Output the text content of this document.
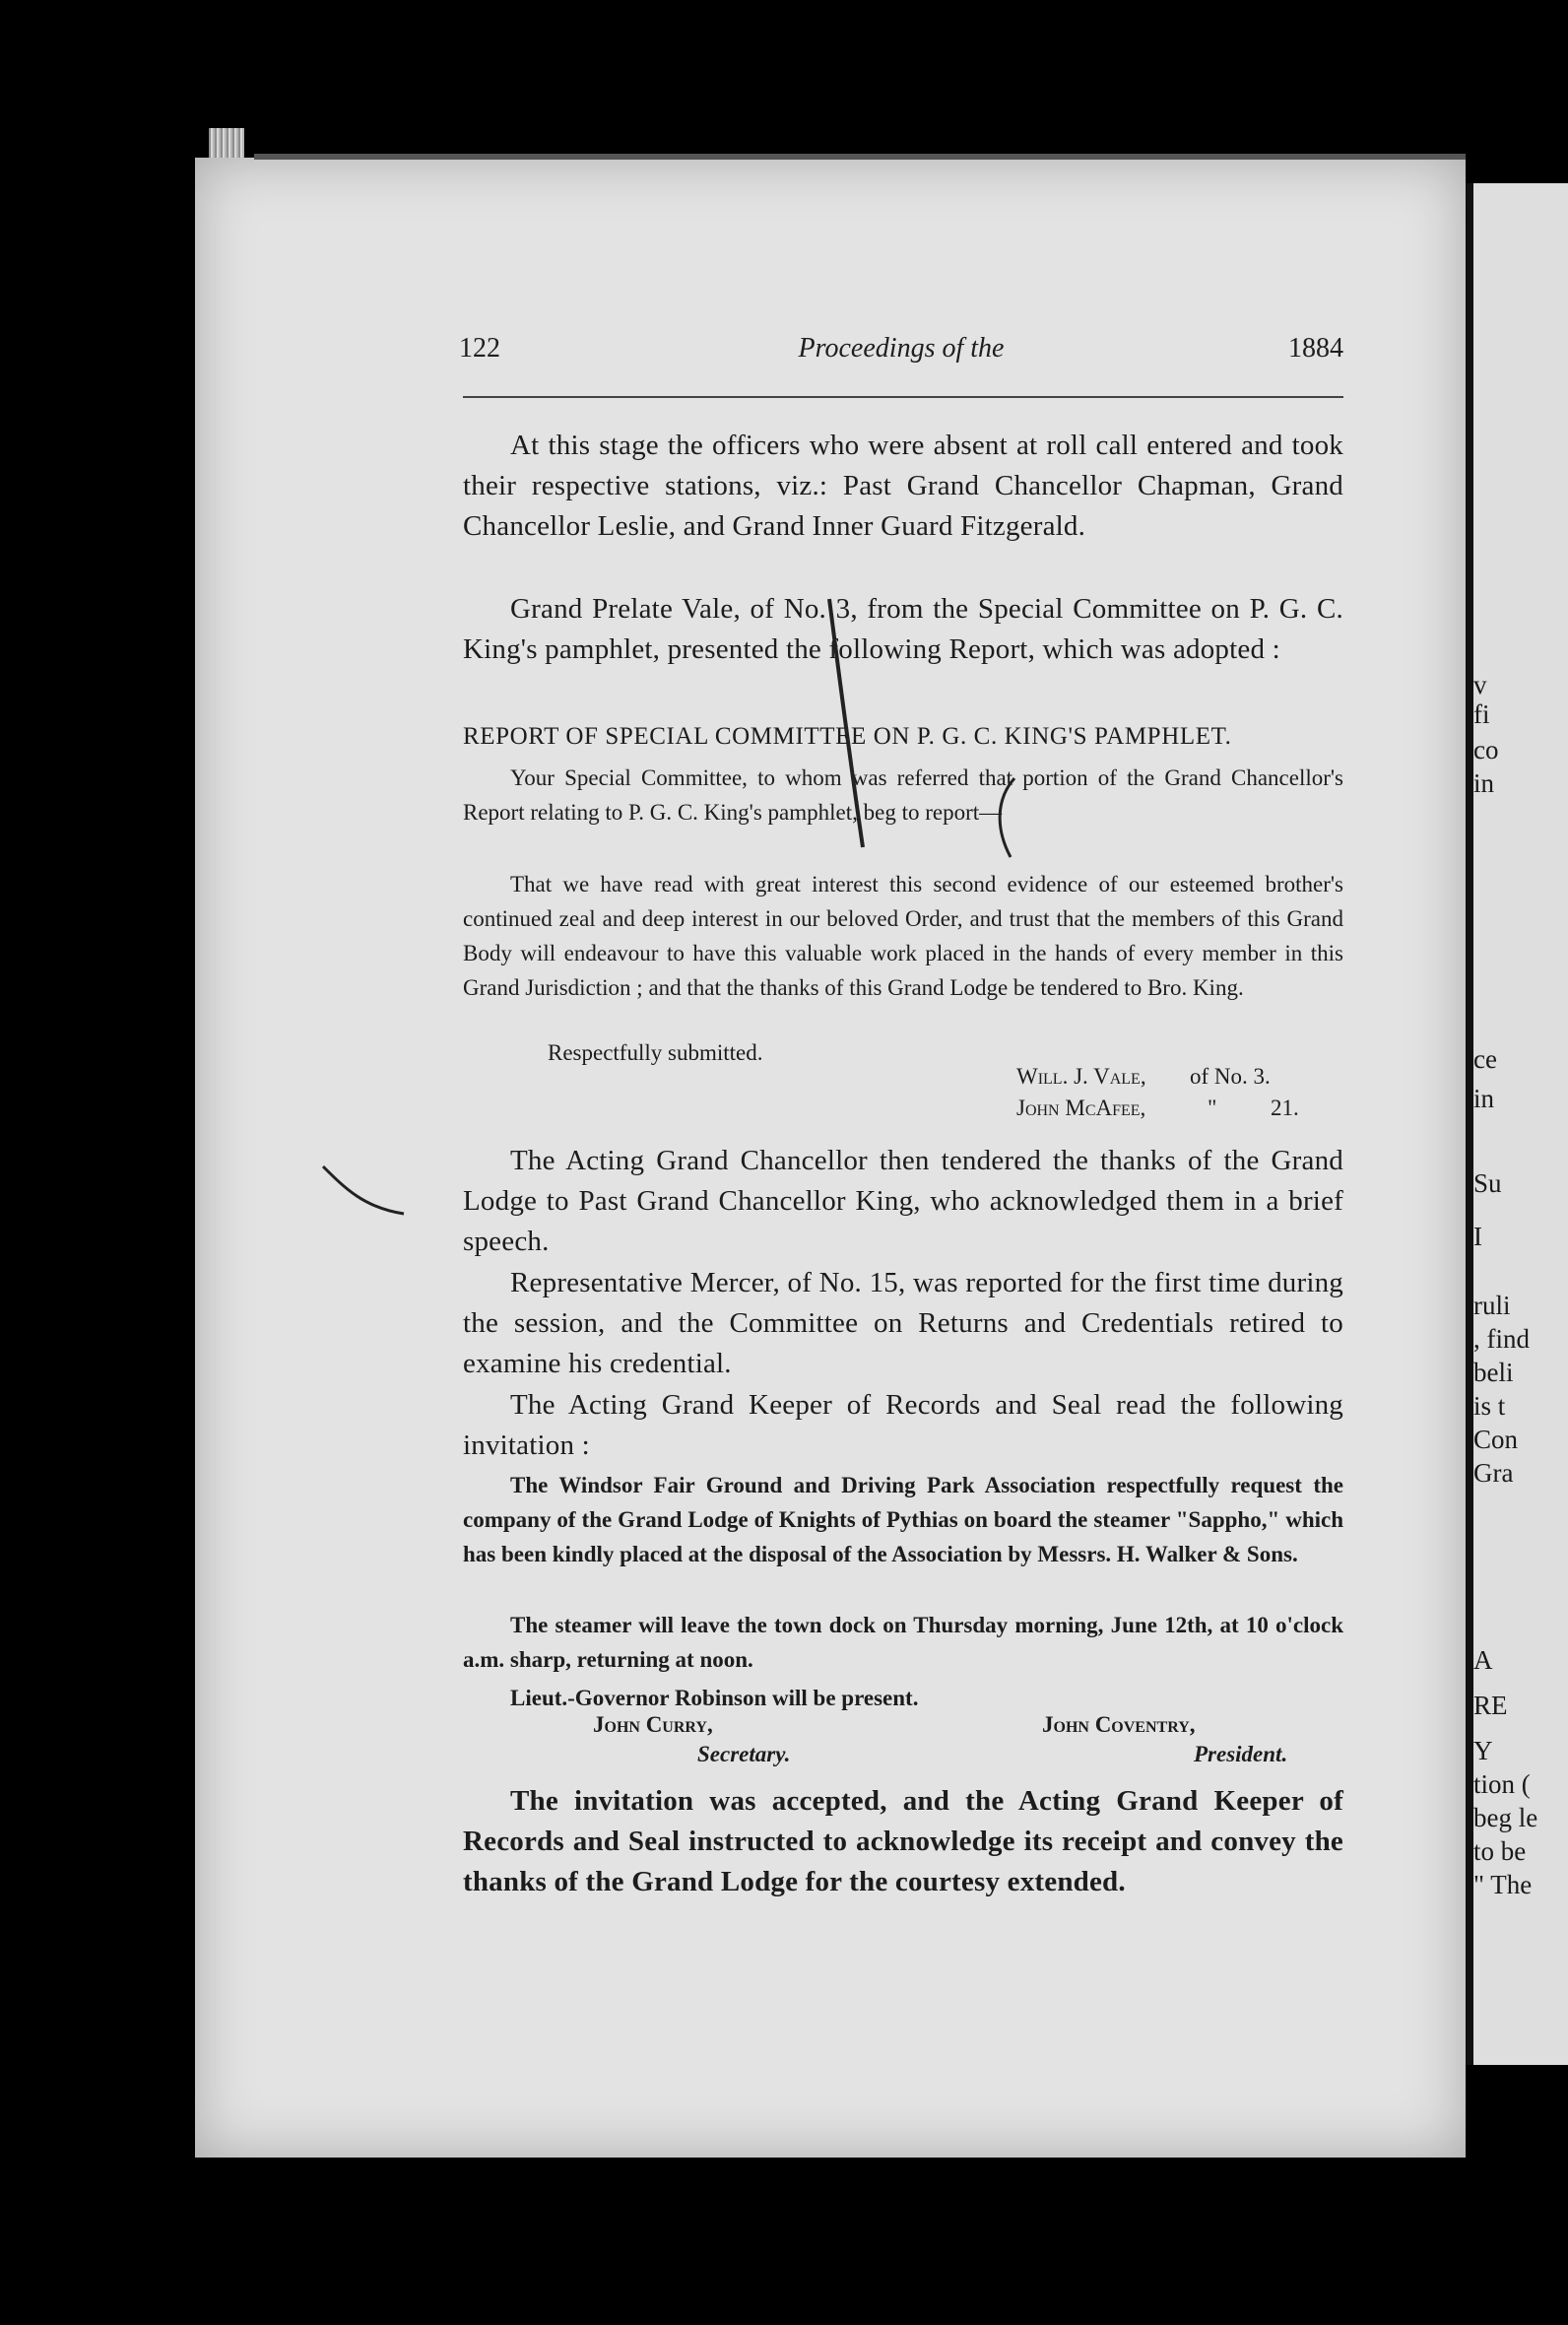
v
fi
co
in
ce
in
Su
I
ruli
, find
beli
is t
Con
Gra
A
RE
Y
tion (
beg le
to be
" The
122	Proceedings of the	1884
At this stage the officers who were absent at roll call entered and took their respective stations, viz.: Past Grand Chancellor Chapman, Grand Chancellor Leslie, and Grand Inner Guard Fitzgerald.
Grand Prelate Vale, of No. 3, from the Special Committee on P. G. C. King's pamphlet, presented the following Report, which was adopted :
REPORT OF SPECIAL COMMITTEE ON P. G. C. KING'S PAMPHLET.
Your Special Committee, to whom was referred that portion of the Grand Chancellor's Report relating to P. G. C. King's pamphlet, beg to report—
That we have read with great interest this second evidence of our esteemed brother's continued zeal and deep interest in our beloved Order, and trust that the members of this Grand Body will endeavour to have this valuable work placed in the hands of every member in this Grand Jurisdiction ; and that the thanks of this Grand Lodge be tendered to Bro. King.
Respectfully submitted.
Will. J. Vale, of No. 3.
John McAfee,	" 21.
The Acting Grand Chancellor then tendered the thanks of the Grand Lodge to Past Grand Chancellor King, who acknowledged them in a brief speech.
Representative Mercer, of No. 15, was reported for the first time during the session, and the Committee on Returns and Credentials retired to examine his credential.
The Acting Grand Keeper of Records and Seal read the following invitation :
The Windsor Fair Ground and Driving Park Association respectfully request the company of the Grand Lodge of Knights of Pythias on board the steamer "Sappho," which has been kindly placed at the disposal of the Association by Messrs. H. Walker & Sons.
The steamer will leave the town dock on Thursday morning, June 12th, at 10 o'clock a.m. sharp, returning at noon.
Lieut.-Governor Robinson will be present.
John Curry,
Secretary.
John Coventry,
President.
The invitation was accepted, and the Acting Grand Keeper of Records and Seal instructed to acknowledge its receipt and convey the thanks of the Grand Lodge for the courtesy extended.
